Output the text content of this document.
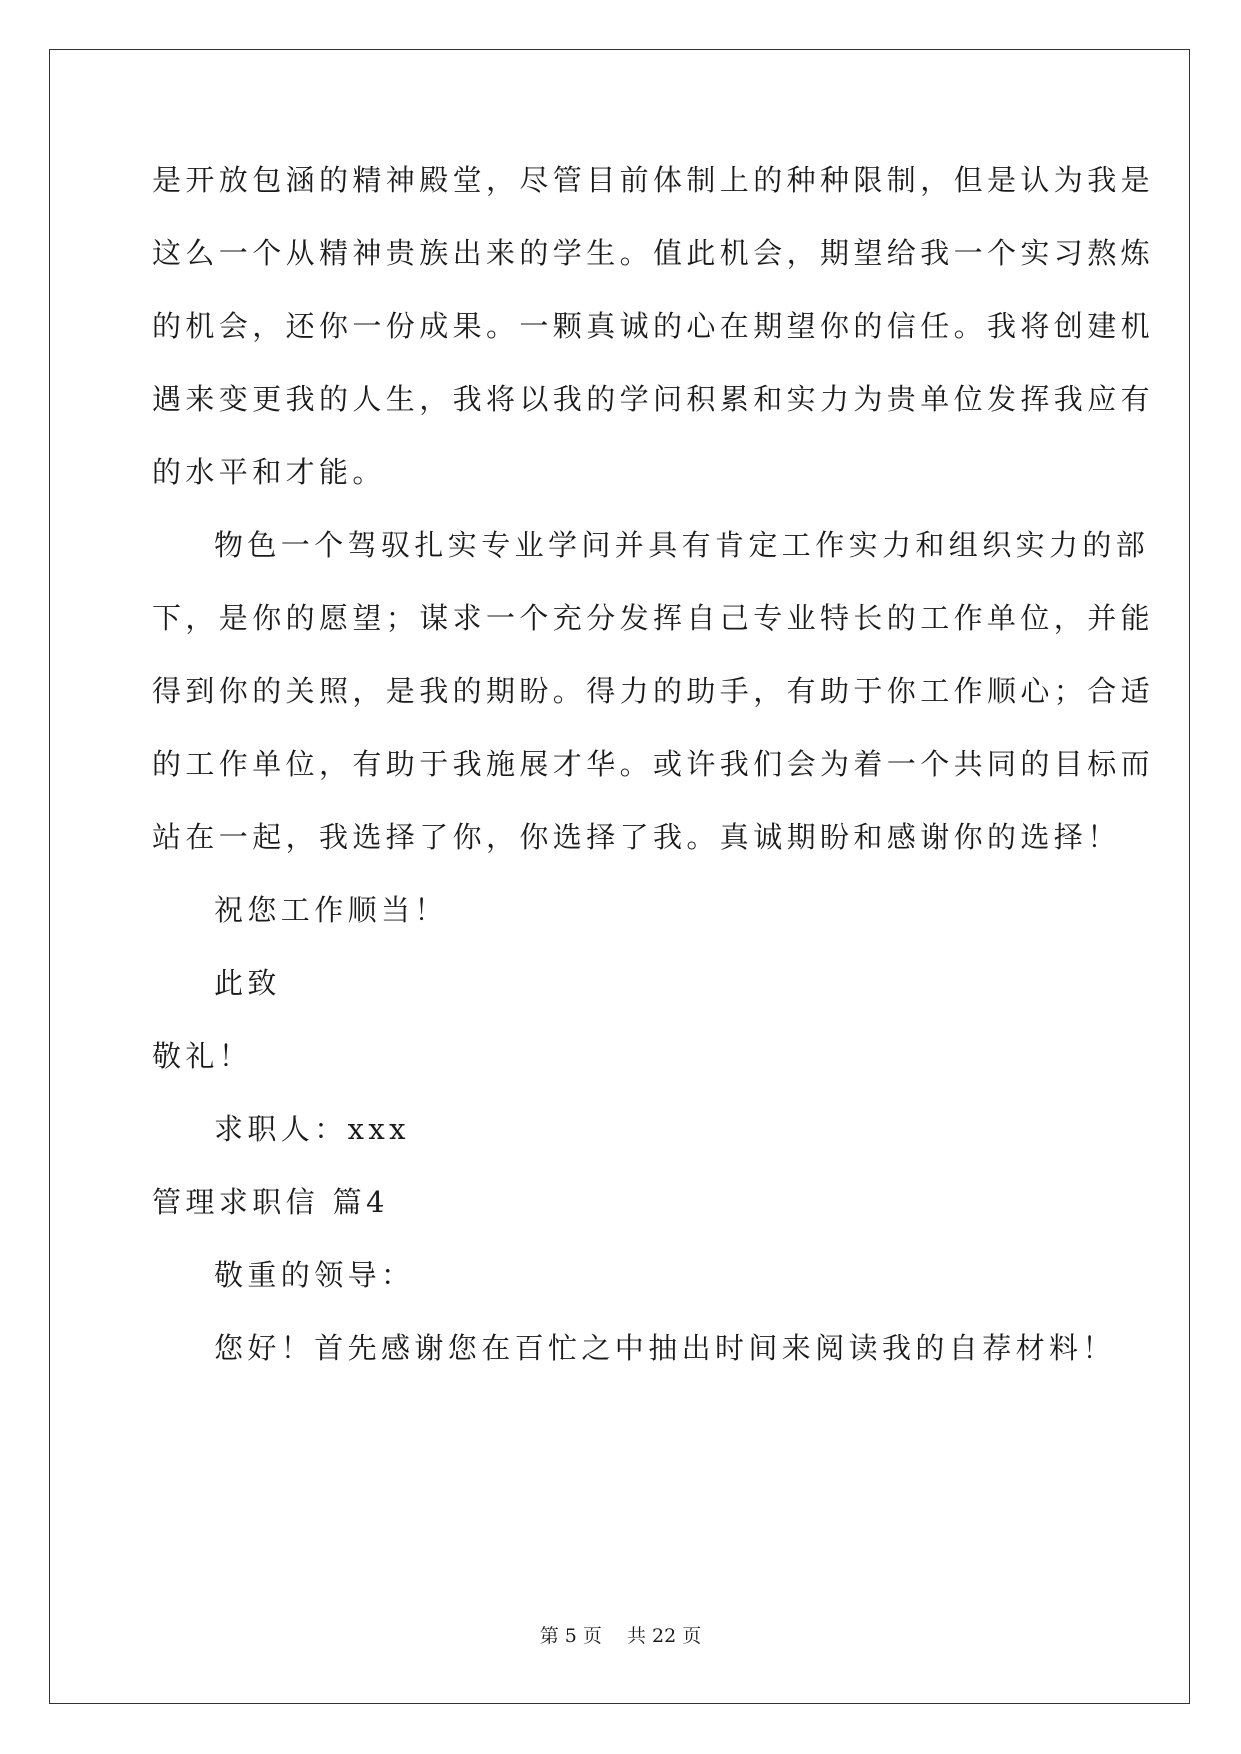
是开放包涵的精神殿堂，尽管目前体制上的种种限制，但是认为我是
这么一个从精神贵族出来的学生。值此机会，期望给我一个实习熬炼
的机会，还你一份成果。一颗真诚的心在期望你的信任。我将创建机
遇来变更我的人生，我将以我的学问积累和实力为贵单位发挥我应有
的水平和才能。
物色一个驾驭扎实专业学问并具有肯定工作实力和组织实力的部
下，是你的愿望；谋求一个充分发挥自己专业特长的工作单位，并能
得到你的关照，是我的期盼。得力的助手，有助于你工作顺心；合适
的工作单位，有助于我施展才华。或许我们会为着一个共同的目标而
站在一起，我选择了你，你选择了我。真诚期盼和感谢你的选择！
祝您工作顺当！
此致
敬礼！
求职人：xxx
管理求职信 篇4
敬重的领导：
您好！首先感谢您在百忙之中抽出时间来阅读我的自荐材料！
第 5 页　 共 22 页
